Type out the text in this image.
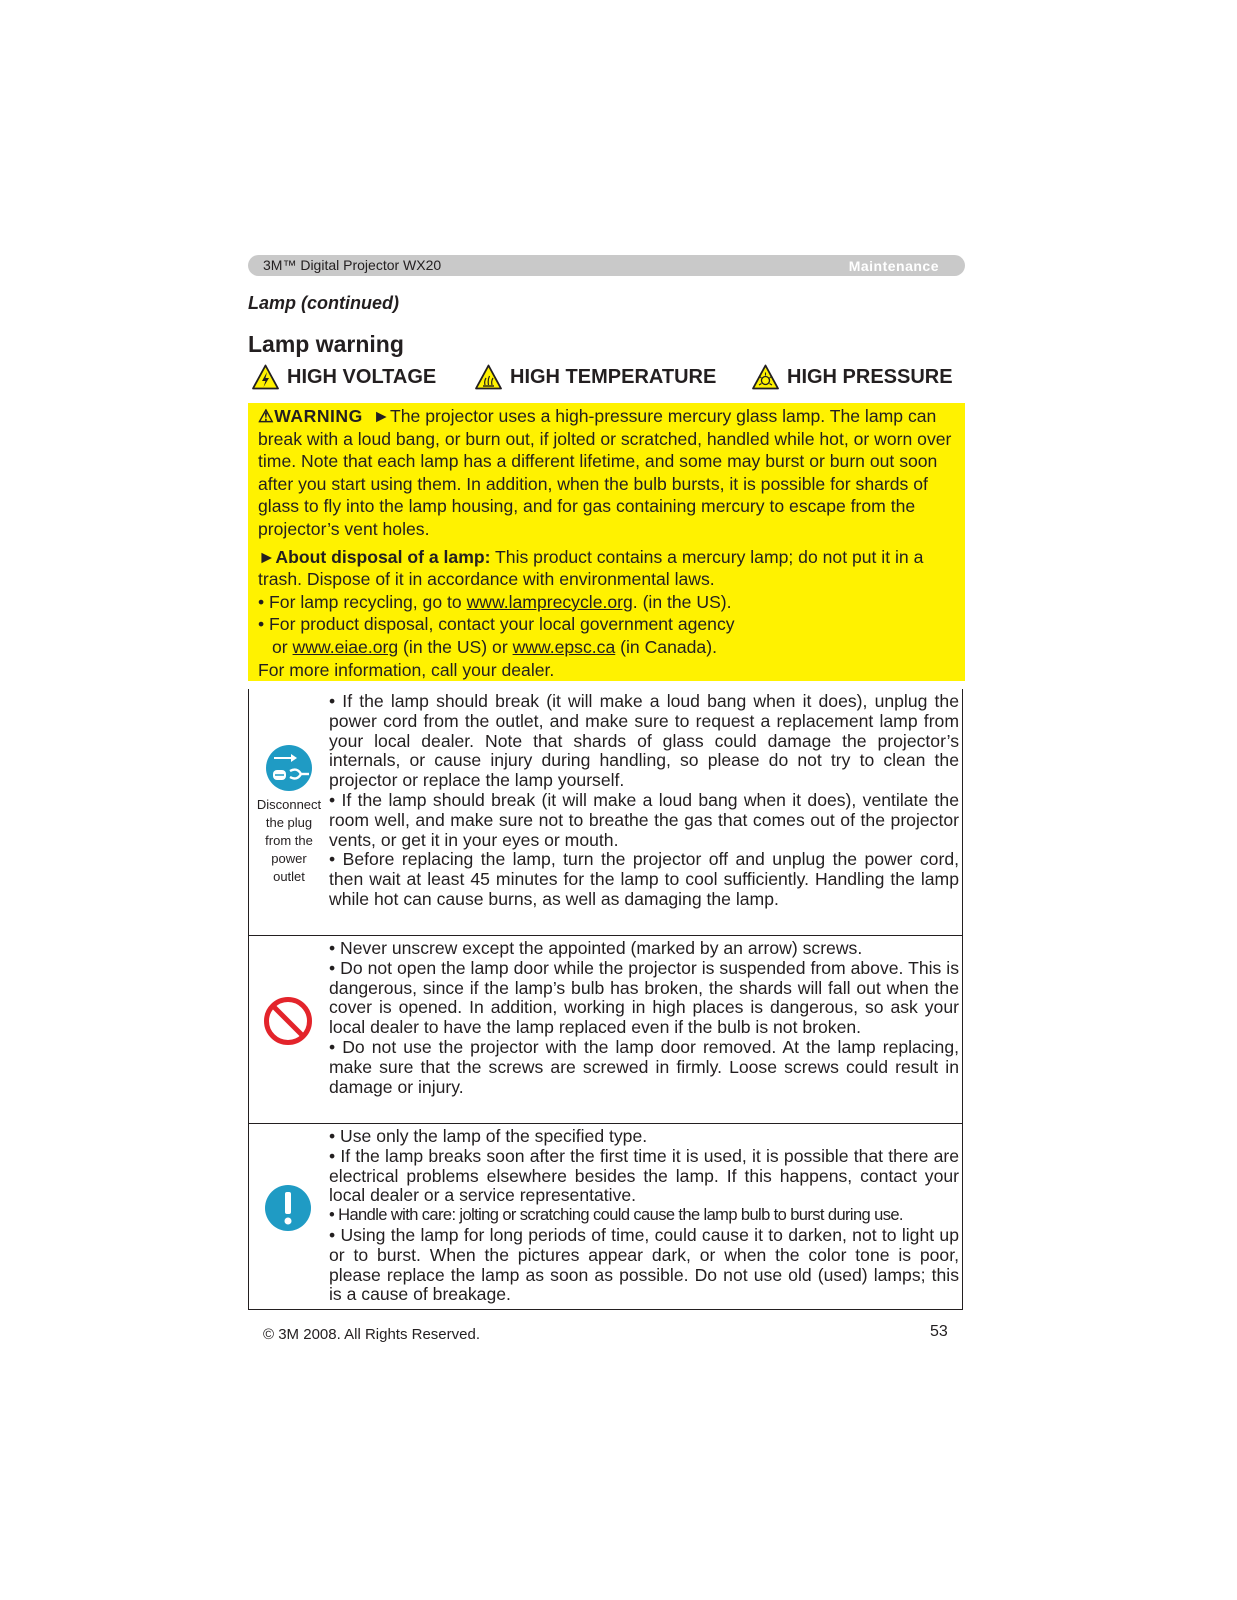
3M™ Digital Projector WX20	Maintenance
Lamp (continued)
Lamp warning
HIGH VOLTAGE	HIGH TEMPERATURE	HIGH PRESSURE

⚠WARNING ►The projector uses a high-pressure mercury glass lamp. The lamp can break with a loud bang, or burn out, if jolted or scratched, handled while hot, or worn over time. Note that each lamp has a different lifetime, and some may burst or burn out soon after you start using them. In addition, when the bulb bursts, it is possible for shards of glass to fly into the lamp housing, and for gas containing mercury to escape from the projector’s vent holes.

►About disposal of a lamp: This product contains a mercury lamp; do not put it in a trash. Dispose of it in accordance with environmental laws.

• For lamp recycling, go to www.lamprecycle.org. (in the US).

• For product disposal, contact your local government agency

or www.eiae.org (in the US) or www.epsc.ca (in Canada).

For more information, call your dealer.

Disconnect
the plug
from the
power
outlet

• If the lamp should break (it will make a loud bang when it does), unplug the power cord from the outlet, and make sure to request a replacement lamp from your local dealer. Note that shards of glass could damage the projector’s internals, or cause injury during handling, so please do not try to clean the projector or replace the lamp yourself.

• If the lamp should break (it will make a loud bang when it does), ventilate the room well, and make sure not to breathe the gas that comes out of the projector vents, or get it in your eyes or mouth.

• Before replacing the lamp, turn the projector off and unplug the power cord, then wait at least 45 minutes for the lamp to cool sufficiently. Handling the lamp while hot can cause burns, as well as damaging the lamp.

• Never unscrew except the appointed (marked by an arrow) screws.

• Do not open the lamp door while the projector is suspended from above. This is dangerous, since if the lamp’s bulb has broken, the shards will fall out when the cover is opened. In addition, working in high places is dangerous, so ask your local dealer to have the lamp replaced even if the bulb is not broken.

• Do not use the projector with the lamp door removed. At the lamp replacing, make sure that the screws are screwed in firmly. Loose screws could result in damage or injury.

• Use only the lamp of the specified type.

• If the lamp breaks soon after the first time it is used, it is possible that there are electrical problems elsewhere besides the lamp. If this happens, contact your local dealer or a service representative.

• Handle with care: jolting or scratching could cause the lamp bulb to burst during use.

• Using the lamp for long periods of time, could cause it to darken, not to light up or to burst. When the pictures appear dark, or when the color tone is poor, please replace the lamp as soon as possible. Do not use old (used) lamps; this is a cause of breakage.

© 3M 2008. All Rights Reserved.	53
